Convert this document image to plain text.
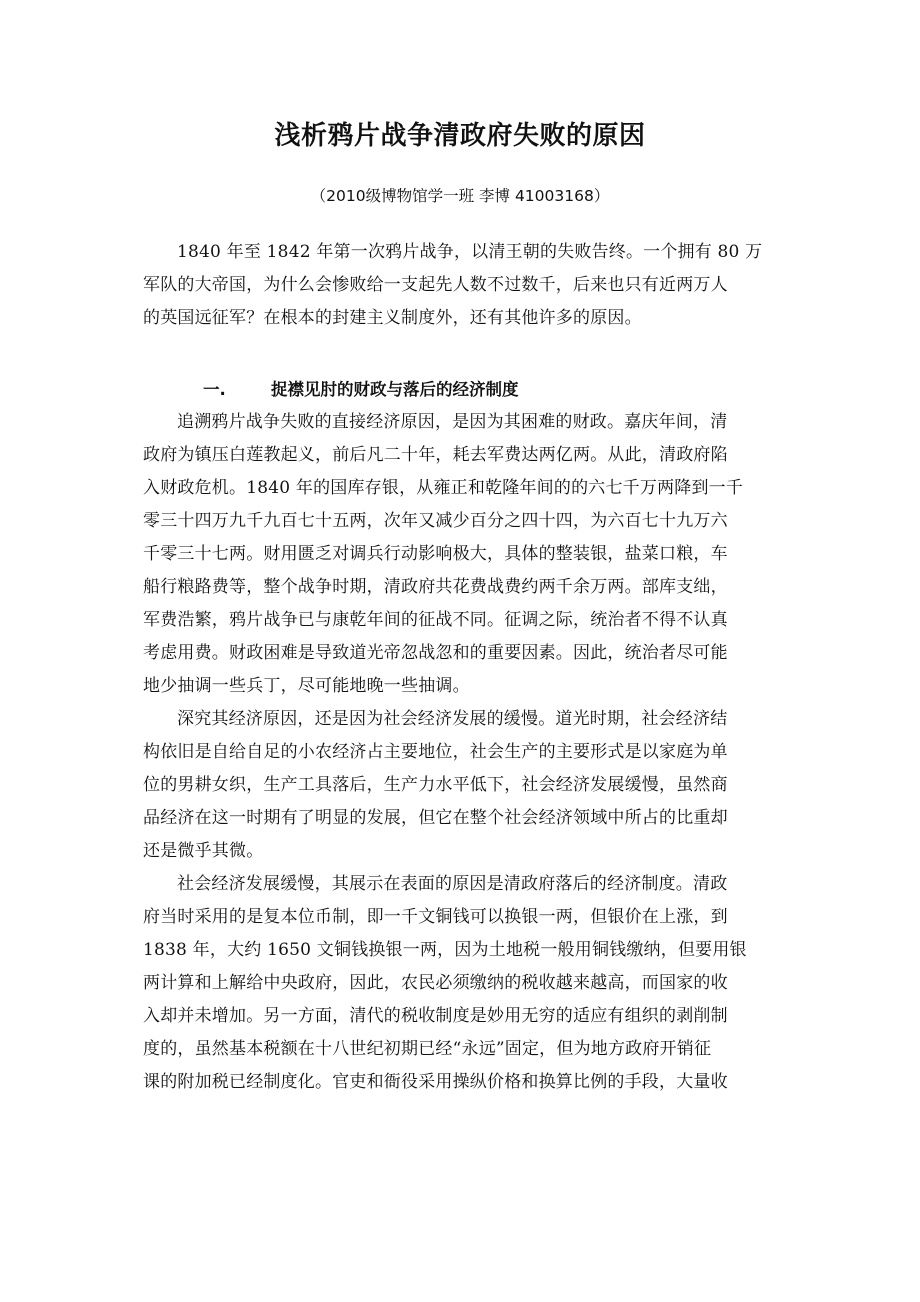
浅析鸦片战争清政府失败的原因
（2010级博物馆学一班 李博 41003168）
1840 年至 1842 年第一次鸦片战争，以清王朝的失败告终。一个拥有 80 万
军队的大帝国，为什么会惨败给一支起先人数不过数千，后来也只有近两万人
的英国远征军？在根本的封建主义制度外，还有其他许多的原因。
一.	捉襟见肘的财政与落后的经济制度
追溯鸦片战争失败的直接经济原因，是因为其困难的财政。嘉庆年间，清
政府为镇压白莲教起义，前后凡二十年，耗去军费达两亿两。从此，清政府陷
入财政危机。1840 年的国库存银，从雍正和乾隆年间的的六七千万两降到一千
零三十四万九千九百七十五两，次年又减少百分之四十四，为六百七十九万六
千零三十七两。财用匮乏对调兵行动影响极大，具体的整装银，盐菜口粮，车
船行粮路费等，整个战争时期，清政府共花费战费约两千余万两。部库支绌，
军费浩繁，鸦片战争已与康乾年间的征战不同。征调之际，统治者不得不认真
考虑用费。财政困难是导致道光帝忽战忽和的重要因素。因此，统治者尽可能
地少抽调一些兵丁，尽可能地晚一些抽调。
深究其经济原因，还是因为社会经济发展的缓慢。道光时期，社会经济结
构依旧是自给自足的小农经济占主要地位，社会生产的主要形式是以家庭为单
位的男耕女织，生产工具落后，生产力水平低下，社会经济发展缓慢，虽然商
品经济在这一时期有了明显的发展，但它在整个社会经济领域中所占的比重却
还是微乎其微。
社会经济发展缓慢，其展示在表面的原因是清政府落后的经济制度。清政
府当时采用的是复本位币制，即一千文铜钱可以换银一两，但银价在上涨，到
1838 年，大约 1650 文铜钱换银一两，因为土地税一般用铜钱缴纳，但要用银
两计算和上解给中央政府，因此，农民必须缴纳的税收越来越高，而国家的收
入却并未增加。另一方面，清代的税收制度是妙用无穷的适应有组织的剥削制
度的，虽然基本税额在十八世纪初期已经“永远”固定，但为地方政府开销征
课的附加税已经制度化。官吏和衙役采用操纵价格和换算比例的手段，大量收
